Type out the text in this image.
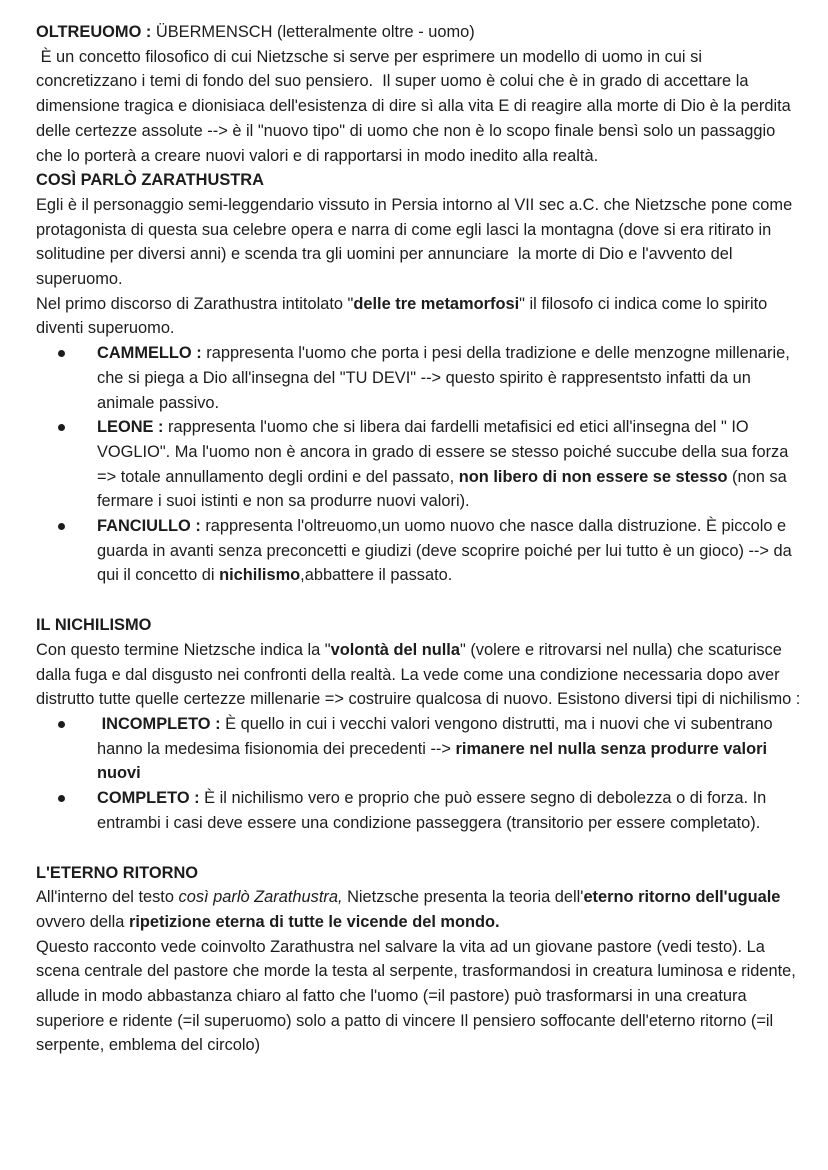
OLTREUOMO : ÜBERMENSCH (letteralmente oltre - uomo)

È un concetto filosofico di cui Nietzsche si serve per esprimere un modello di uomo in cui si concretizzano i temi di fondo del suo pensiero.  Il super uomo è colui che è in grado di accettare la dimensione tragica e dionisiaca dell'esistenza di dire sì alla vita E di reagire alla morte di Dio è la perdita delle certezze assolute --> è il "nuovo tipo" di uomo che non è lo scopo finale bensì solo un passaggio che lo porterà a creare nuovi valori e di rapportarsi in modo inedito alla realtà.

COSÌ PARLÒ ZARATHUSTRA

Egli è il personaggio semi-leggendario vissuto in Persia intorno al VII sec a.C. che Nietzsche pone come protagonista di questa sua celebre opera e narra di come egli lasci la montagna (dove si era ritirato in solitudine per diversi anni) e scenda tra gli uomini per annunciare  la morte di Dio e l'avvento del superuomo.

Nel primo discorso di Zarathustra intitolato "delle tre metamorfosi" il filosofo ci indica come lo spirito diventi superuomo.

CAMMELLO : rappresenta l'uomo che porta i pesi della tradizione e delle menzogne millenarie, che si piega a Dio all'insegna del "TU DEVI" --> questo spirito è rappresentsto infatti da un animale passivo.
LEONE : rappresenta l'uomo che si libera dai fardelli metafisici ed etici all'insegna del " IO VOGLIO". Ma l'uomo non è ancora in grado di essere se stesso poiché succube della sua forza => totale annullamento degli ordini e del passato, non libero di non essere se stesso (non sa fermare i suoi istinti e non sa produrre nuovi valori).
FANCIULLO : rappresenta l'oltreuomo,un uomo nuovo che nasce dalla distruzione. È piccolo e guarda in avanti senza preconcetti e giudizi (deve scoprire poiché per lui tutto è un gioco) --> da qui il concetto di nichilismo,abbattere il passato.

IL NICHILISMO

Con questo termine Nietzsche indica la "volontà del nulla" (volere e ritrovarsi nel nulla) che scaturisce dalla fuga e dal disgusto nei confronti della realtà. La vede come una condizione necessaria dopo aver distrutto tutte quelle certezze millenarie => costruire qualcosa di nuovo. Esistono diversi tipi di nichilismo :

INCOMPLETO : È quello in cui i vecchi valori vengono distrutti, ma i nuovi che vi subentrano hanno la medesima fisionomia dei precedenti --> rimanere nel nulla senza produrre valori nuovi
COMPLETO : È il nichilismo vero e proprio che può essere segno di debolezza o di forza. In entrambi i casi deve essere una condizione passeggera (transitorio per essere completato).

L'ETERNO RITORNO

All'interno del testo così parlò Zarathustra, Nietzsche presenta la teoria dell'eterno ritorno dell'uguale ovvero della ripetizione eterna di tutte le vicende del mondo.

Questo racconto vede coinvolto Zarathustra nel salvare la vita ad un giovane pastore (vedi testo). La scena centrale del pastore che morde la testa al serpente, trasformandosi in creatura luminosa e ridente, allude in modo abbastanza chiaro al fatto che l'uomo (=il pastore) può trasformarsi in una creatura superiore e ridente (=il superuomo) solo a patto di vincere Il pensiero soffocante dell'eterno ritorno (=il serpente, emblema del circolo)
